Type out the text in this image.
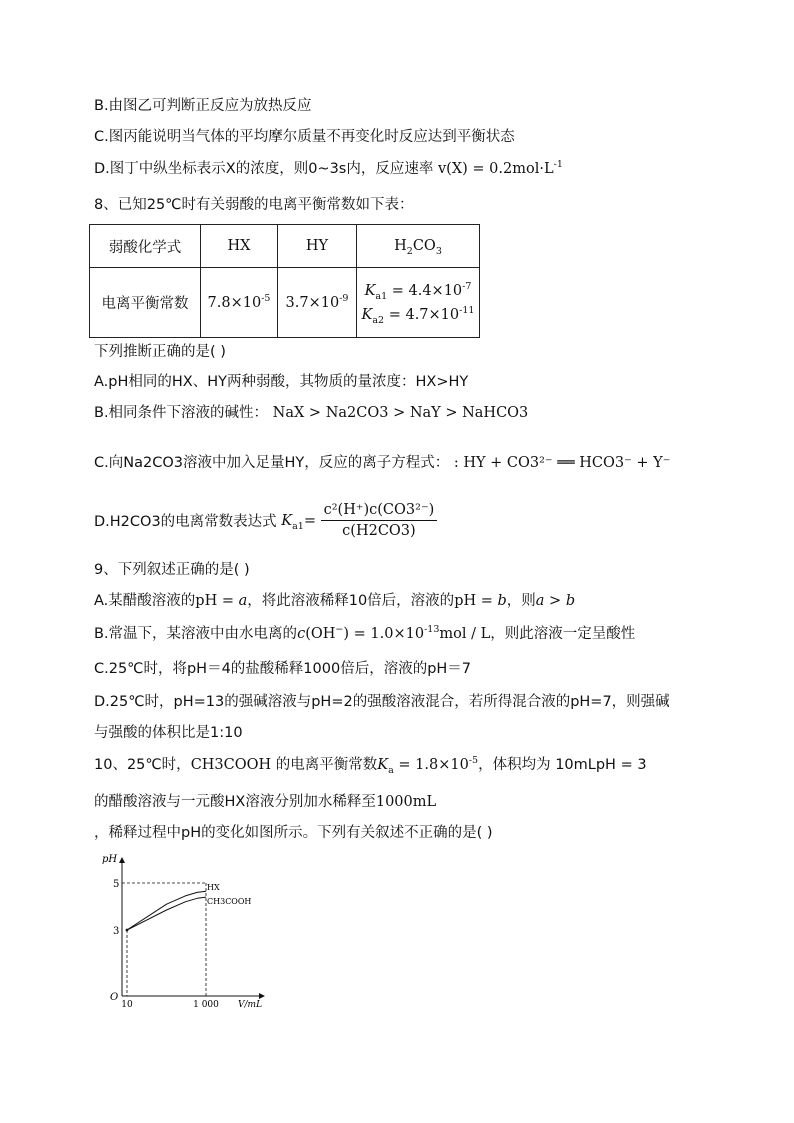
B.由图乙可判断正反应为放热反应
C.图丙能说明当气体的平均摩尔质量不再变化时反应达到平衡状态
D.图丁中纵坐标表示X的浓度，则0~3s内，反应速率 $v(X) = 0.2mol\cdot L^{-1}$
8、已知25℃时有关弱酸的电离平衡常数如下表：
弱酸化学式	HX	HY	$H_2CO_3$
电离平衡常数	$7.8\times 10^{-5}$	$3.7\times 10^{-9}$	$K_{a1} = 4.4\times 10^{-7}$
$K_{a2} = 4.7\times 10^{-11}$
下列推断正确的是( )
A.pH相同的HX、HY两种弱酸，其物质的量浓度：HX>HY
B.相同条件下溶液的碱性： NaX > Na2CO3 > NaY > NaHCO3
C.向Na2CO3溶液中加入足量HY，反应的离子方程式： : HY + CO3²⁻ ══ HCO3⁻ + Y⁻
D.H2CO3的电离常数表达式 $K_{a1}= \frac{\text{c²(H⁺)c(CO3²⁻)}}{c(H2CO3)}$
9、下列叙述正确的是( )
A.某醋酸溶液的pH = a，将此溶液稀释10倍后，溶液的pH = b，则a > b
B.常温下，某溶液中由水电离的$c(OH^-) = 1.0\times 10^{-13}mol / L$，则此溶液一定呈酸性
C.25℃时，将pH＝4的盐酸稀释1000倍后，溶液的pH＝7
D.25℃时，pH=13的强碱溶液与pH=2的强酸溶液混合，若所得混合液的pH=7，则强碱
与强酸的体积比是1:10
10、25℃时，CH3COOH 的电离平衡常数$K_a = 1.8\times 10^{-5}$，体积均为 10mLpH = 3
的醋酸溶液与一元酸HX溶液分别加水稀释至1000mL
，稀释过程中pH的变化如图所示。下列有关叙述不正确的是( )
pH
V/mL
O
5
3
10	1 000
HX
CH3COOH
